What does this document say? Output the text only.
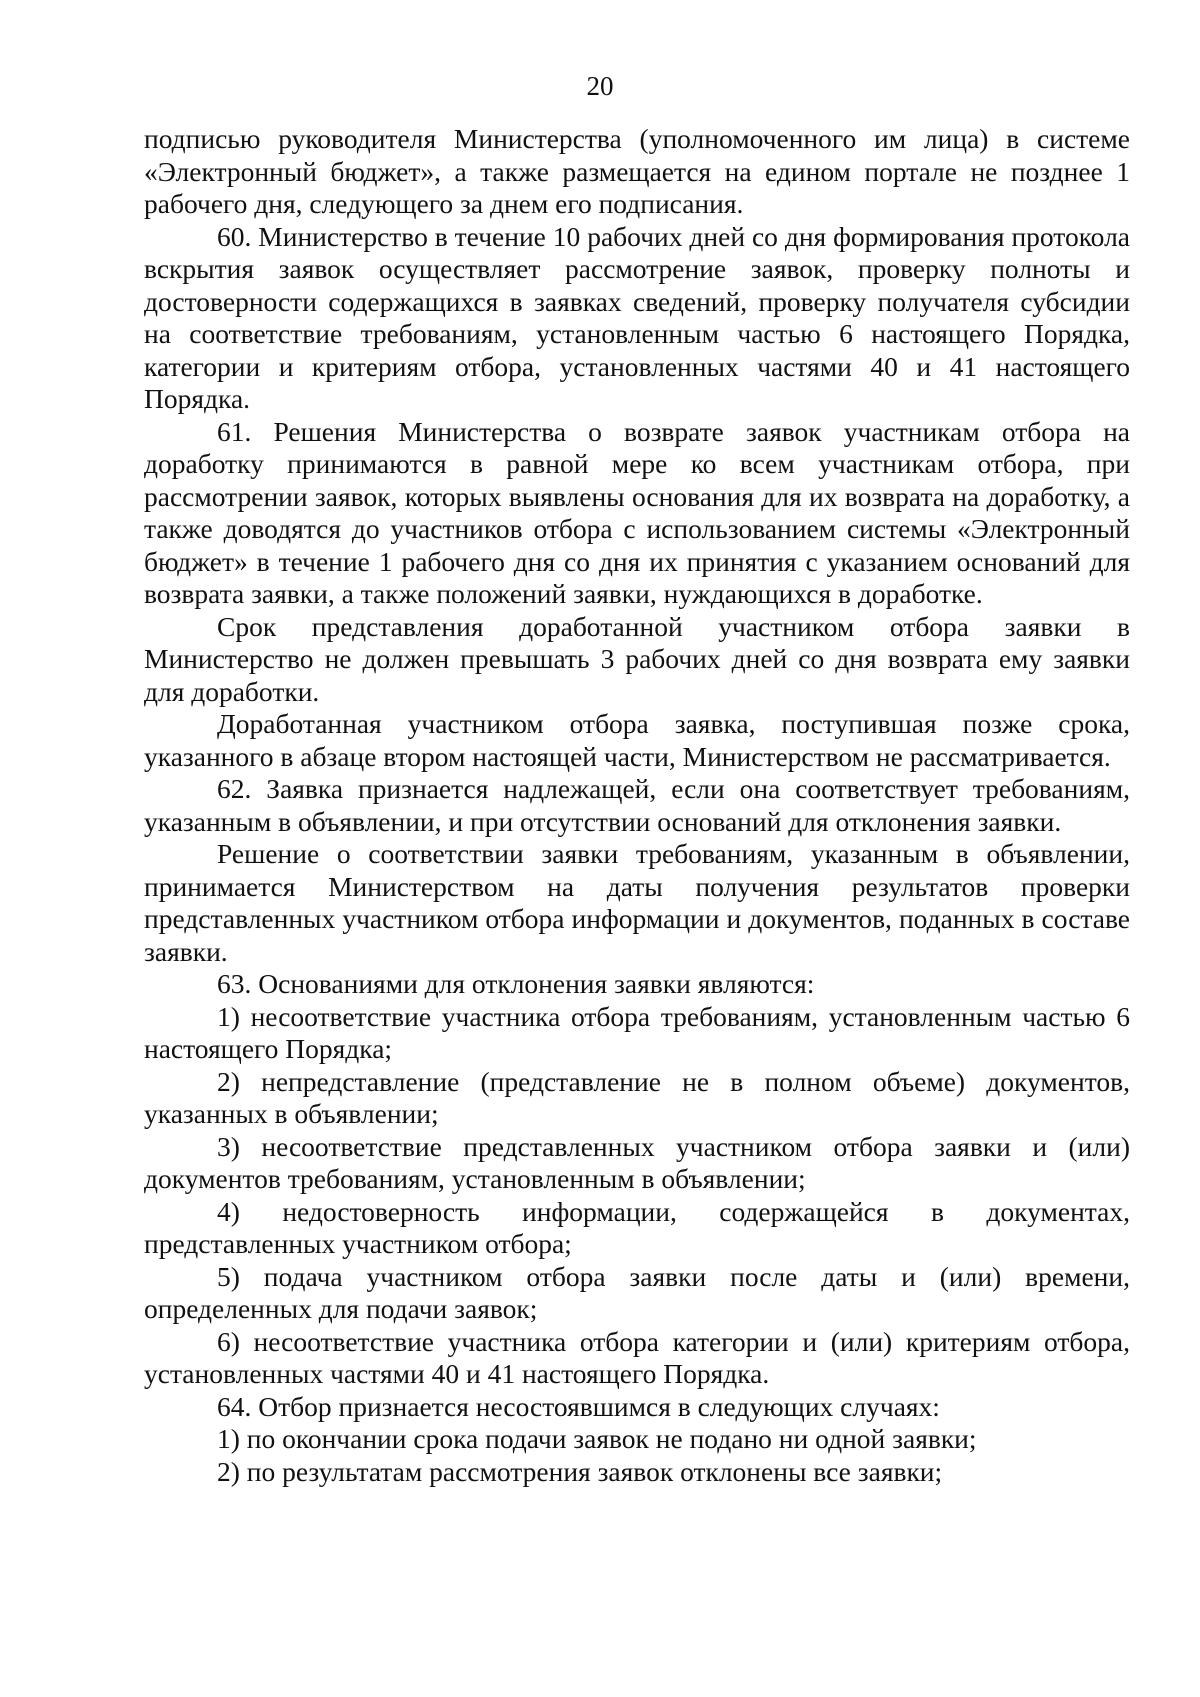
20

подписью руководителя Министерства (уполномоченного им лица) в системе «Электронный бюджет», а также размещается на едином портале не позднее 1 рабочего дня, следующего за днем его подписания.

60. Министерство в течение 10 рабочих дней со дня формирования протокола вскрытия заявок осуществляет рассмотрение заявок, проверку полноты и достоверности содержащихся в заявках сведений, проверку получателя субсидии на соответствие требованиям, установленным частью 6 настоящего Порядка, категории и критериям отбора, установленных частями 40 и 41 настоящего Порядка.

61. Решения Министерства о возврате заявок участникам отбора на доработку принимаются в равной мере ко всем участникам отбора, при рассмотрении заявок, которых выявлены основания для их возврата на доработку, а также доводятся до участников отбора с использованием системы «Электронный бюджет» в течение 1 рабочего дня со дня их принятия с указанием оснований для возврата заявки, а также положений заявки, нуждающихся в доработке.

Срок представления доработанной участником отбора заявки в Министерство не должен превышать 3 рабочих дней со дня возврата ему заявки для доработки.

Доработанная участником отбора заявка, поступившая позже срока, указанного в абзаце втором настоящей части, Министерством не рассматривается.

62. Заявка признается надлежащей, если она соответствует требованиям, указанным в объявлении, и при отсутствии оснований для отклонения заявки.

Решение о соответствии заявки требованиям, указанным в объявлении, принимается Министерством на даты получения результатов проверки представленных участником отбора информации и документов, поданных в составе заявки.

63. Основаниями для отклонения заявки являются:

1) несоответствие участника отбора требованиям, установленным частью 6 настоящего Порядка;

2) непредставление (представление не в полном объеме) документов, указанных в объявлении;

3) несоответствие представленных участником отбора заявки и (или) документов требованиям, установленным в объявлении;

4) недостоверность информации, содержащейся в документах, представленных участником отбора;

5) подача участником отбора заявки после даты и (или) времени, определенных для подачи заявок;

6) несоответствие участника отбора категории и (или) критериям отбора, установленных частями 40 и 41 настоящего Порядка.

64. Отбор признается несостоявшимся в следующих случаях:

1) по окончании срока подачи заявок не подано ни одной заявки;

2) по результатам рассмотрения заявок отклонены все заявки;
